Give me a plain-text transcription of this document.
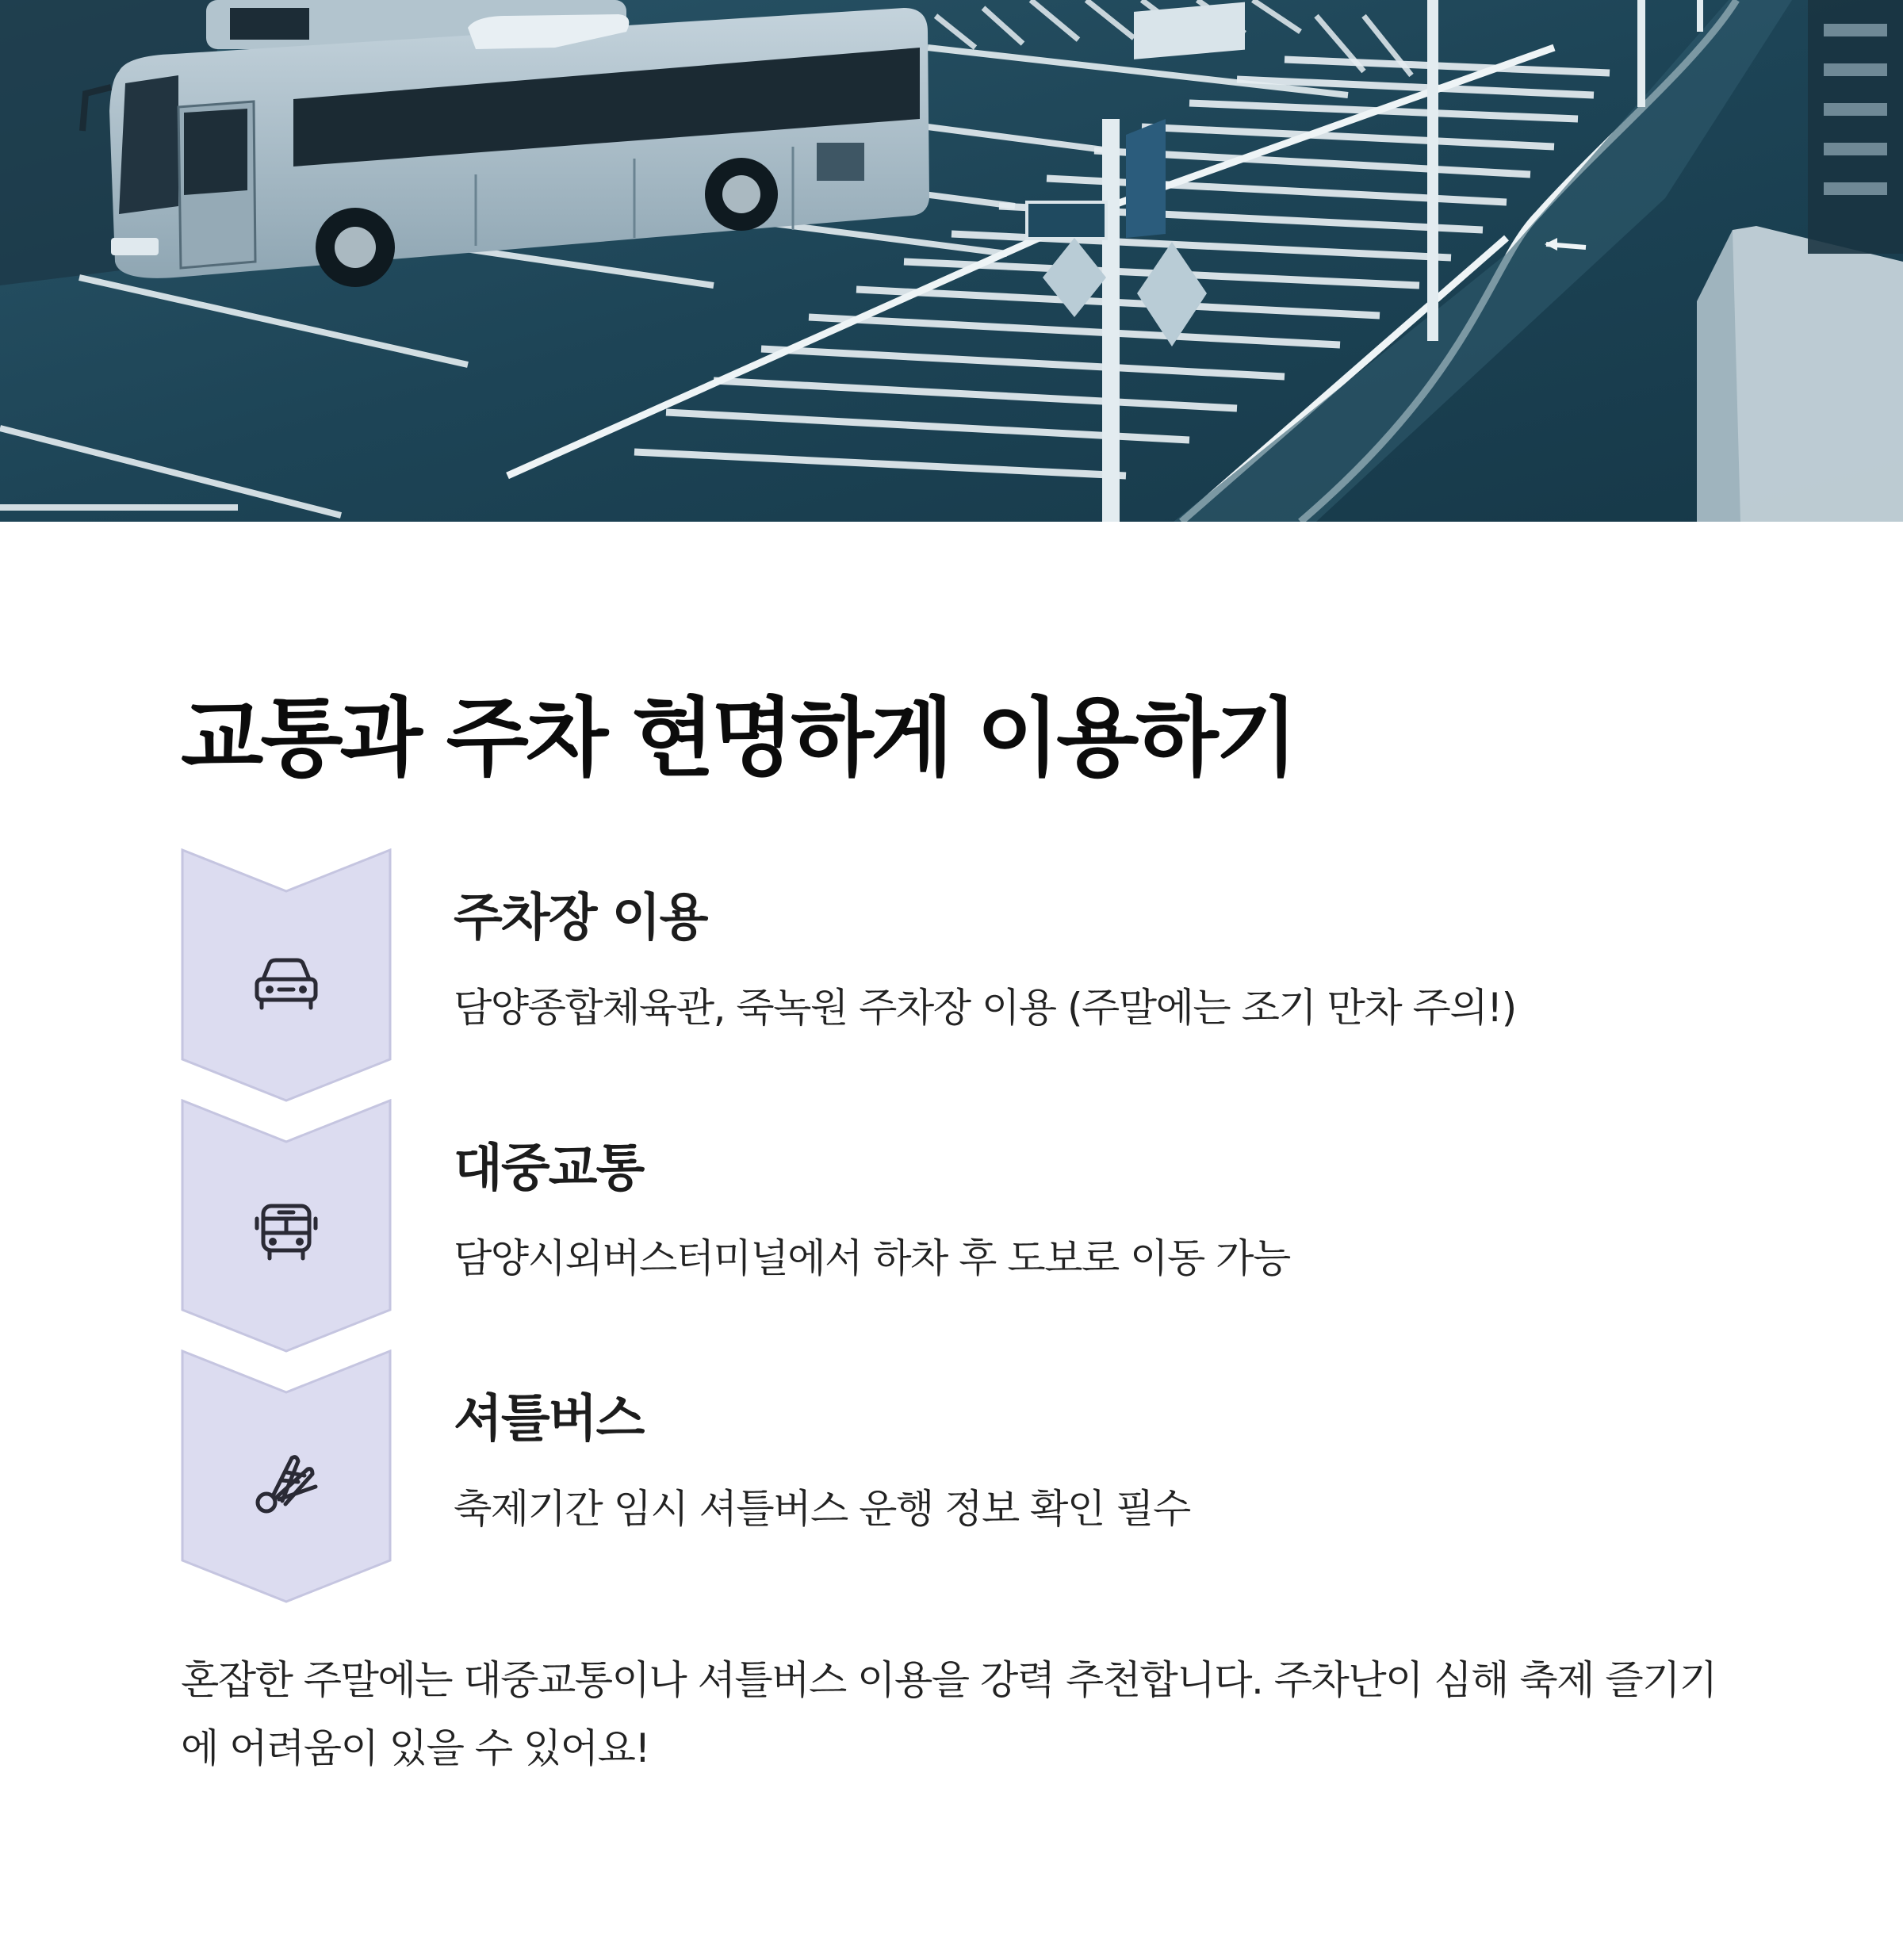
교통과 주차 현명하게 이용하기
주차장 이용
담양종합체육관, 죽녹원 주차장 이용 (주말에는 조기 만차 주의!)
대중교통
담양시외버스터미널에서 하차 후 도보로 이동 가능
셔틀버스
축제기간 임시 셔틀버스 운행 정보 확인 필수

혼잡한 주말에는 대중교통이나 셔틀버스 이용을 강력 추천합니다. 주차난이 심해 축제 즐기기에 어려움이 있을 수 있어요!
